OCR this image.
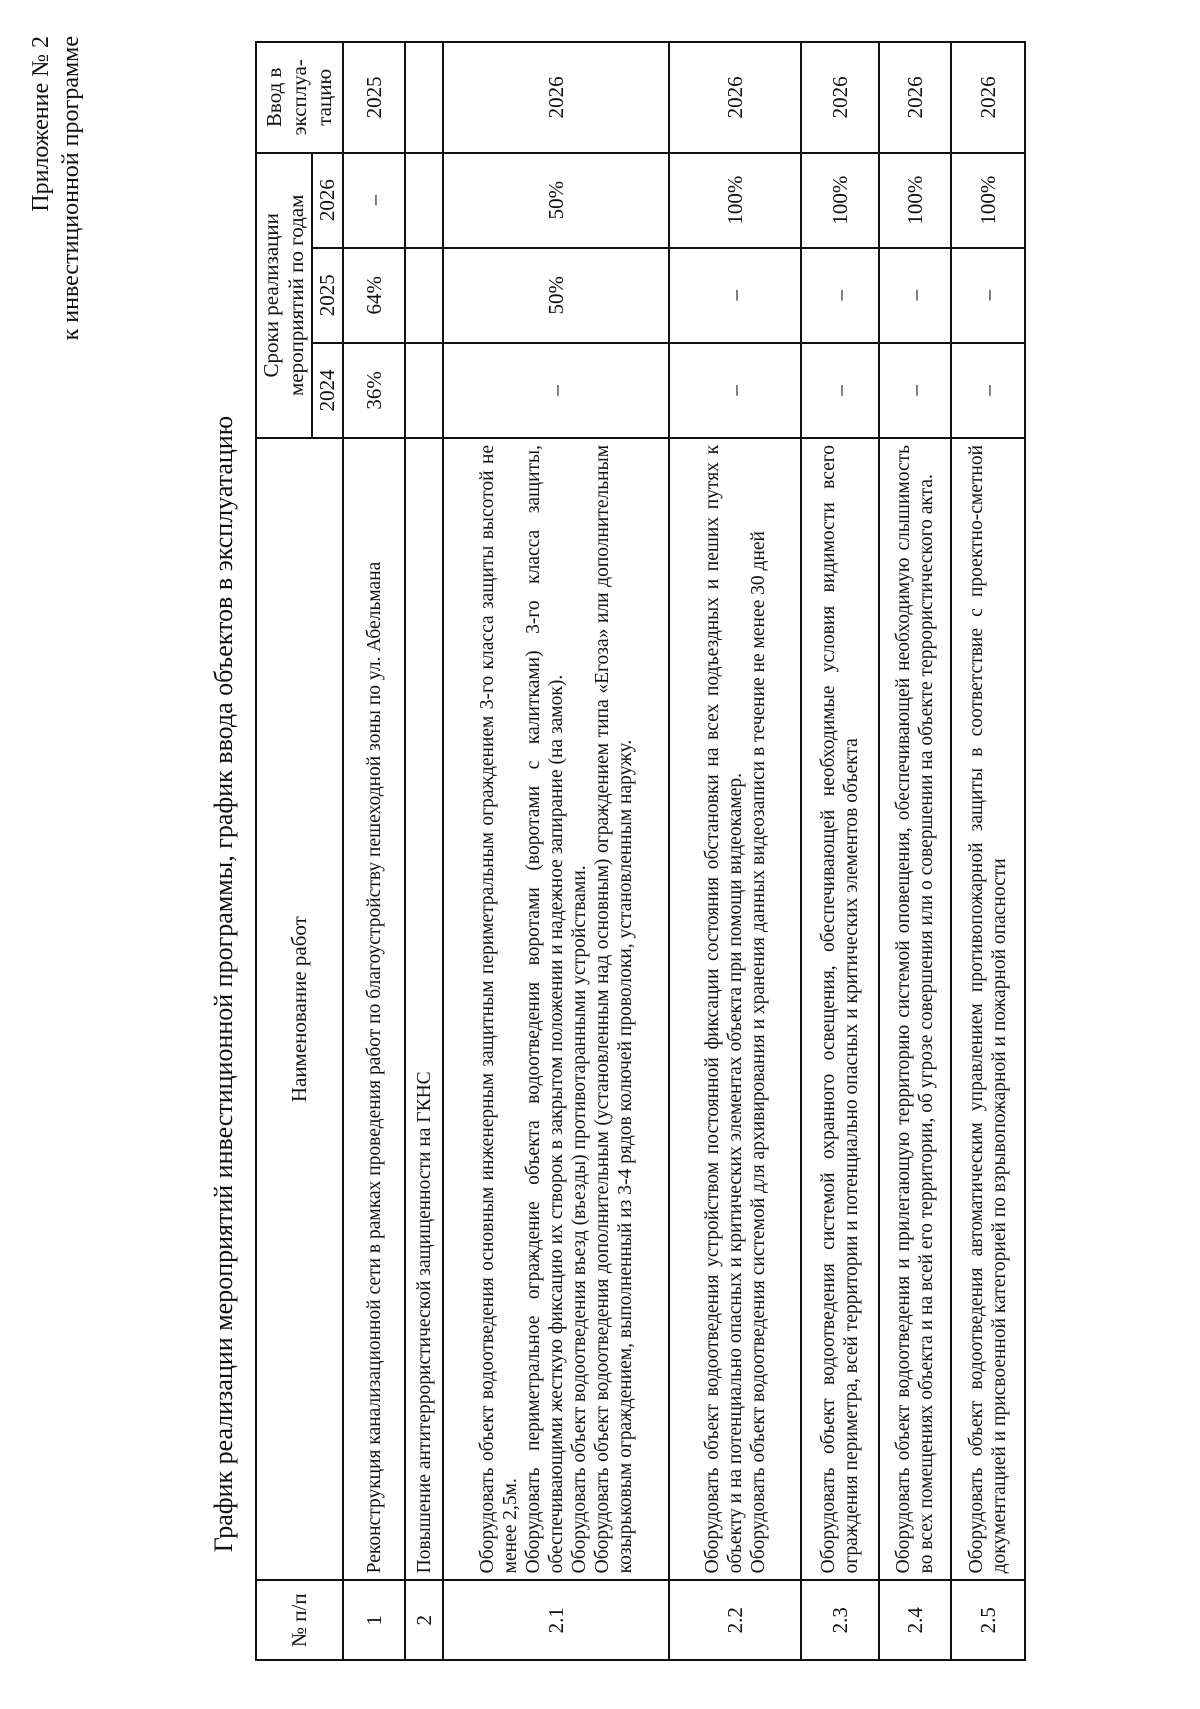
Приложение № 2 к инвестиционной программе
График реализации мероприятий инвестиционной программы, график ввода объектов в эксплуатацию
№ п/п	Наименование работ	Сроки реализации мероприятий по годам			Ввод в эксплуа-тацию
		2024	2025	2026	
1	Реконструкция канализационной сети в рамках проведения работ по благоустройству пешеходной зоны по ул. Абельмана	36%	64%	–	2025
2	Повышение антитеррористической защищенности на ГКНС				

2.1	Оборудовать объект водоотведения основным инженерным защитным периметральным ограждением 3-го класса защиты высотой не менее 2,5м. Оборудовать периметральное ограждение объекта водоотведения воротами (воротами с калитками) 3-го класса защиты, обеспечивающими жесткую фиксацию их створок в закрытом положении и надежное запирание (на замок). Оборудовать объект водоотведения въезд (въезды) противотаранными устройствами. Оборудовать объект водоотведения дополнительным (установленным над основным) ограждением типа «Егоза» или дополнительным козырьковым ограждением, выполненный из 3-4 рядов колючей проволоки, установленным наружу.	–	50%	50%	2026
2.2	Оборудовать объект водоотведения устройством постоянной фиксации состояния обстановки на всех подъездных и пеших путях к объекту и на потенциально опасных и критических элементах объекта при помощи видеокамер. Оборудовать объект водоотведения системой для архивирования и хранения данных видеозаписи в течение не менее 30 дней	–	–	100%	2026
2.3	Оборудовать объект водоотведения системой охранного освещения, обеспечивающей необходимые условия видимости всего ограждения периметра, всей территории и потенциально опасных и критических элементов объекта	–	–	100%	2026
2.4	Оборудовать объект водоотведения и прилегающую территорию системой оповещения, обеспечивающей необходимую слышимость во всех помещениях объекта и на всей его территории, об угрозе совершения или о совершении на объекте террористического акта.	–	–	100%	2026
2.5	Оборудовать объект водоотведения автоматическим управлением противопожарной защиты в соответствие с проектно-сметной документацией и присвоенной категорией по взрывопожарной и пожарной опасности	–	–	100%	2026
